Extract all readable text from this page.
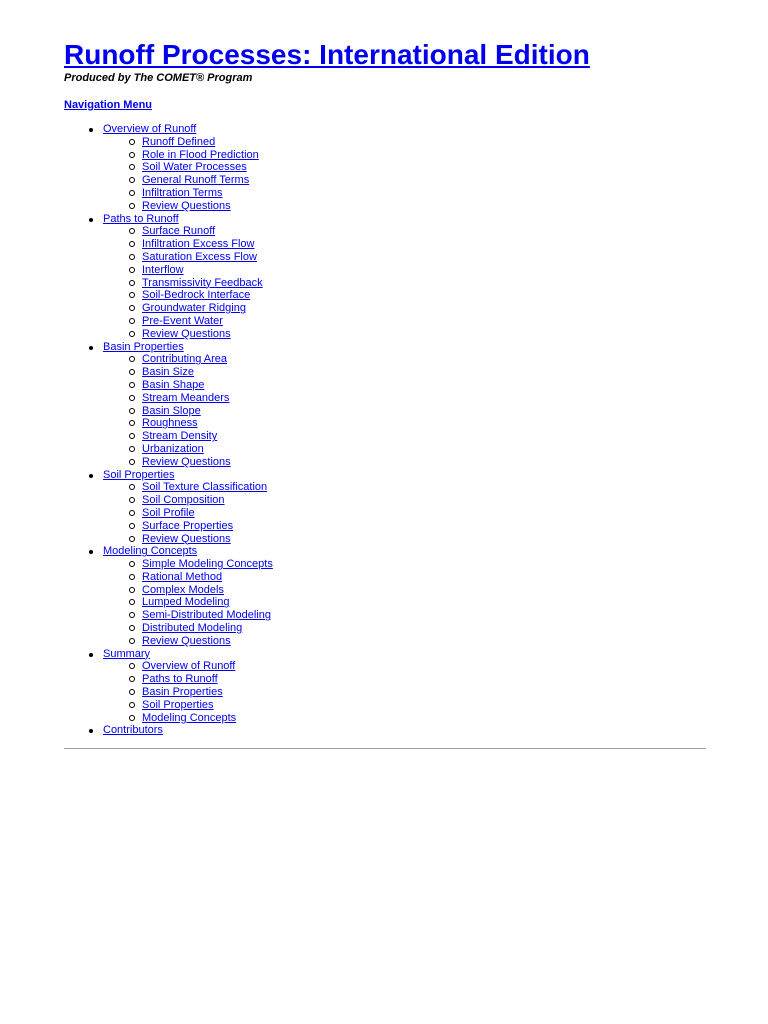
Runoff Processes: International Edition

Produced by The COMET® Program

Navigation Menu
Overview of Runoff
Runoff Defined
Role in Flood Prediction
Soil Water Processes
General Runoff Terms
Infiltration Terms
Review Questions
Paths to Runoff
Surface Runoff
Infiltration Excess Flow
Saturation Excess Flow
Interflow
Transmissivity Feedback
Soil-Bedrock Interface
Groundwater Ridging
Pre-Event Water
Review Questions
Basin Properties
Contributing Area
Basin Size
Basin Shape
Stream Meanders
Basin Slope
Roughness
Stream Density
Urbanization
Review Questions
Soil Properties
Soil Texture Classification
Soil Composition
Soil Profile
Surface Properties
Review Questions
Modeling Concepts
Simple Modeling Concepts
Rational Method
Complex Models
Lumped Modeling
Semi-Distributed Modeling
Distributed Modeling
Review Questions
Summary
Overview of Runoff
Paths to Runoff
Basin Properties
Soil Properties
Modeling Concepts
Contributors
